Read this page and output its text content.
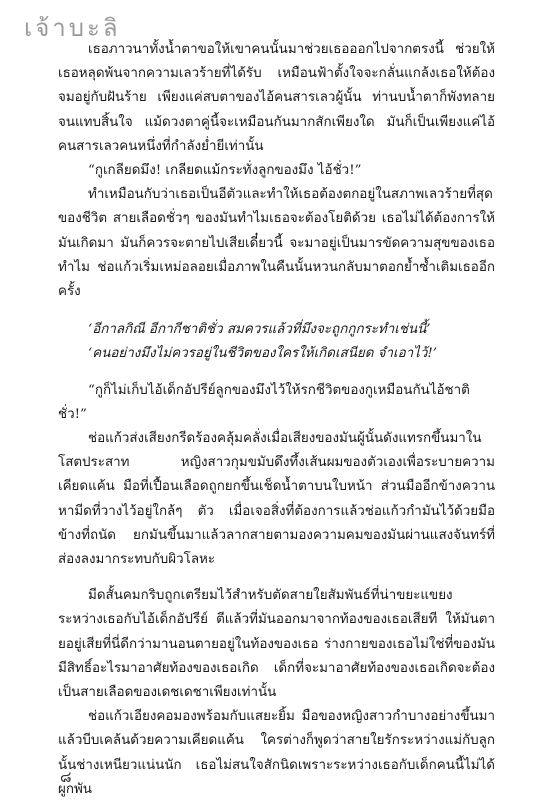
เจ้าบะลิ

เธอภาวนาทั้งน้ำตาขอให้เขาคนนั้นมาช่วยเธอออกไปจากตรงนี้ ช่วยให้เธอหลุดพ้นจากความเลวร้ายที่ได้รับ เหมือนฟ้าตั้งใจจะกลั่นแกล้งเธอให้ต้องจมอยู่กับฝันร้าย เพียงแค่สบตาของไอ้คนสารเลวผู้นั้น ท่านบน้ำตาก็พังทลายจนแทบสิ้นใจ แม้ดวงตาคู่นี้จะเหมือนกันมากสักเพียงใด มันก็เป็นเพียงแค่ไอ้คนสารเลวคนหนึ่งที่กำลังย่ำยีเท่านั้น

“กูเกลียดมึง! เกลียดแม้กระทั่งลูกของมึง ไอ้ชั่ว!”

ทำเหมือนกับว่าเธอเป็นอีตัวและทำให้เธอต้องตกอยู่ในสภาพเลวร้ายที่สุดของชีวิต สายเลือดชั่วๆ ของมันทำไมเธอจะต้องโยติด้วย เธอไม่ได้ต้องการให้มันเกิดมา มันก็ควรจะตายไปเสียเดี๋ยวนี้ จะมาอยู่เป็นมารขัดความสุขของเธอทำไม ช่อแก้วเริ่มเหม่อลอยเมื่อภาพในคืนนั้นหวนกลับมาตอกย้ำซ้ำเติมเธออีกครั้ง

‘อีกาลกิณี อีกากีชาติชั่ว สมควรแล้วที่มึงจะถูกกูกระทำเช่นนี้’

‘คนอย่างมึงไม่ควรอยู่ในชีวิตของใครให้เกิดเสนียด จำเอาไว้!’

“กูก็ไม่เก็บไอ้เด็กอัปรีย์ลูกของมึงไว้ให้รกชีวิตของกูเหมือนกันไอ้ชาติชั่ว!”

ช่อแก้วส่งเสียงกรีดร้องคลุ้มคลั่งเมื่อเสียงของมันผู้นั้นดังแทรกขึ้นมาในโสตประสาท หญิงสาวกุมขมับดึงทึ้งเส้นผมของตัวเองเพื่อระบายความเคียดแค้น มือที่เปื้อนเลือดถูกยกขึ้นเช็ดน้ำตาบนใบหน้า ส่วนมืออีกข้างควานหามีดที่วางไว้อยู่ใกล้ๆ ตัว เมื่อเจอสิ่งที่ต้องการแล้วช่อแก้วกำมันไว้ด้วยมือข้างที่ถนัด ยกมันขึ้นมาแล้วลากสายตามองความคมของมันผ่านแสงจันทร์ที่ส่องลงมากระทบกับผิวโลหะ

มีดสั้นคมกริบถูกเตรียมไว้สำหรับตัดสายใยสัมพันธ์ที่น่าขยะแขยงระหว่างเธอกับไอ้เด็กอัปรีย์ ตีแล้วที่มันออกมาจากท้องของเธอเสียที ให้มันตายอยู่เสียที่นี่ดีกว่ามานอนตายอยู่ในท้องของเธอ ร่างกายของเธอไม่ใช่ที่ของมัน มีสิทธิ์อะไรมาอาศัยท้องของเธอเกิด เด็กที่จะมาอาศัยท้องของเธอเกิดจะต้องเป็นสายเลือดของเดชเดชาเพียงเท่านั้น

ช่อแก้วเอียงคอมองพร้อมกับแสยะยิ้ม มือของหญิงสาวกำบางอย่างขึ้นมาแล้วบีบเคล้นด้วยความเคียดแค้น ใครต่างก็พูดว่าสายใยรักระหว่างแม่กับลูกนั้นช่างเหนียวแน่นนัก เธอไม่สนใจสักนิดเพราะระหว่างเธอกับเด็กคนนี้ไม่ได้ผูกพัน

๘
